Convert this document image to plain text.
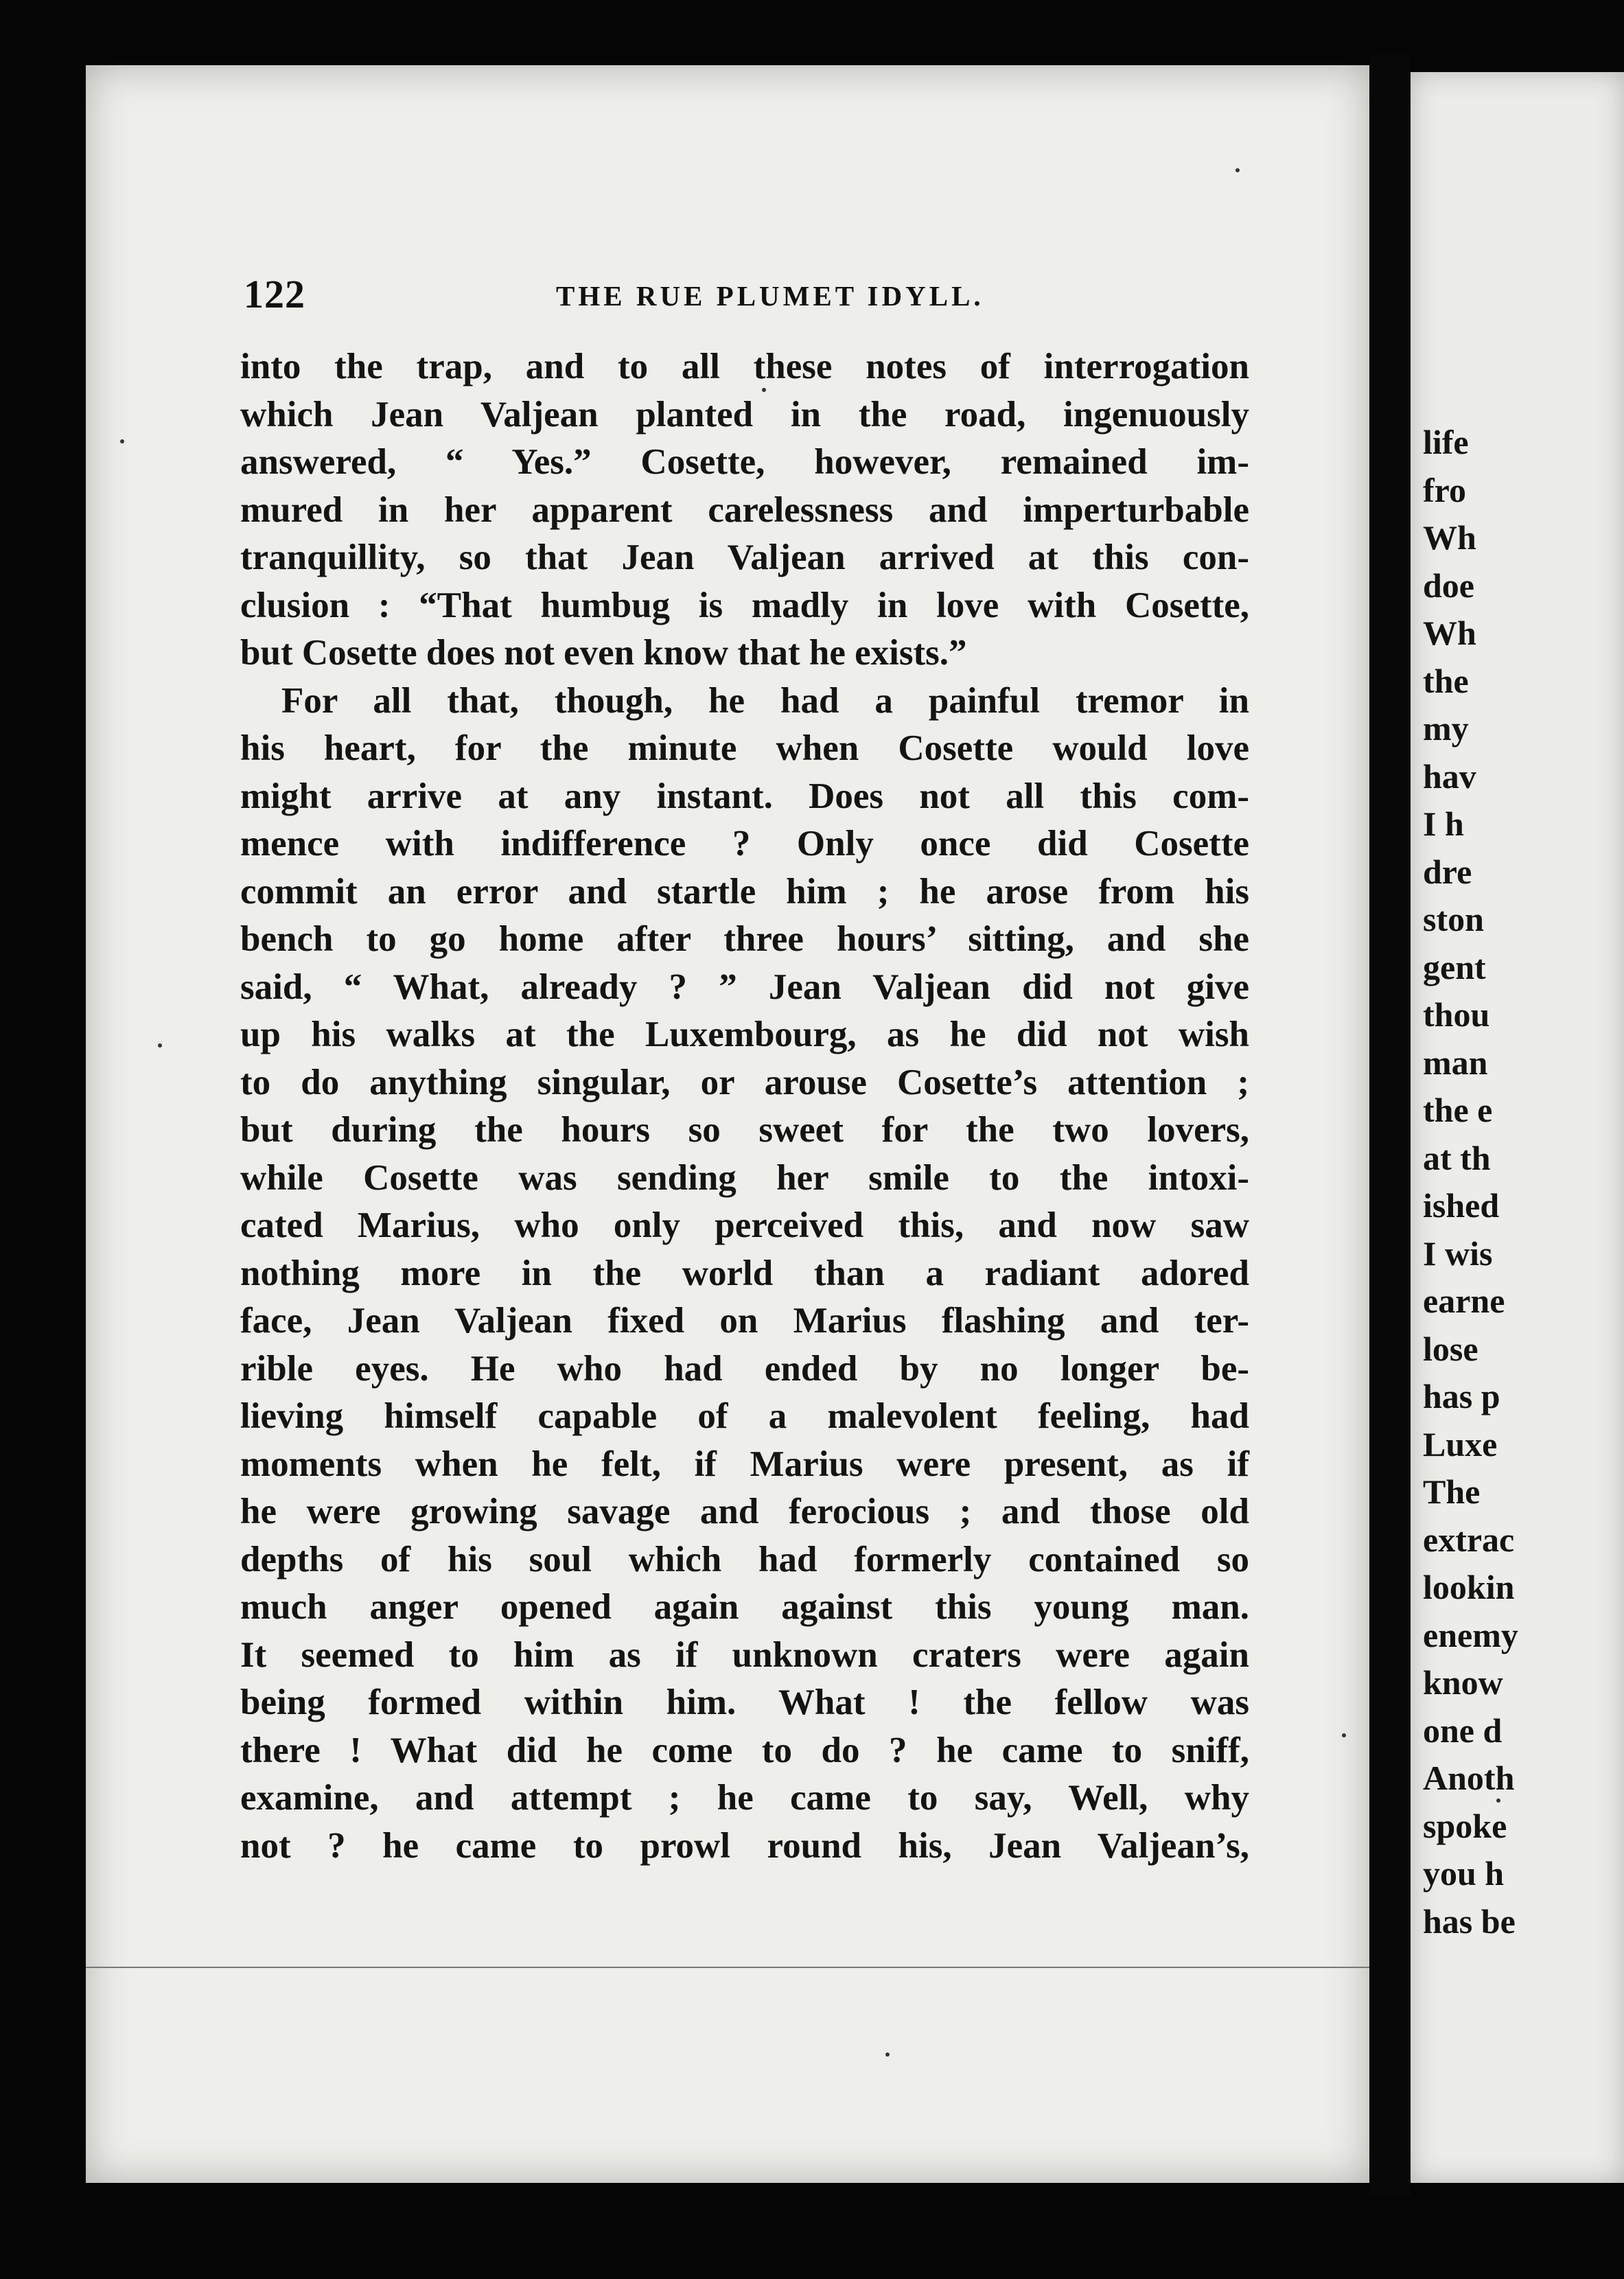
life
fro
Wh
doe
Wh
the
my
hav
I h
dre
ston
gent
thou
man
the e
at th
ished
I wis
earne
lose
has p
Luxe
The
extrac
lookin
enemy
know
one d
Anoth
spoke
you h
has be
122	THE RUE PLUMET IDYLL.
into the trap, and to all these notes of interrogation
which Jean Valjean planted in the road, ingenuously
answered, “ Yes.” Cosette, however, remained im-
mured in her apparent carelessness and imperturbable
tranquillity, so that Jean Valjean arrived at this con-
clusion : “That humbug is madly in love with Cosette,
but Cosette does not even know that he exists.”
For all that, though, he had a painful tremor in
his heart, for the minute when Cosette would love
might arrive at any instant. Does not all this com-
mence with indifference ? Only once did Cosette
commit an error and startle him ; he arose from his
bench to go home after three hours’ sitting, and she
said, “ What, already ? ” Jean Valjean did not give
up his walks at the Luxembourg, as he did not wish
to do anything singular, or arouse Cosette’s attention ;
but during the hours so sweet for the two lovers,
while Cosette was sending her smile to the intoxi-
cated Marius, who only perceived this, and now saw
nothing more in the world than a radiant adored
face, Jean Valjean fixed on Marius flashing and ter-
rible eyes. He who had ended by no longer be-
lieving himself capable of a malevolent feeling, had
moments when he felt, if Marius were present, as if
he were growing savage and ferocious ; and those old
depths of his soul which had formerly contained so
much anger opened again against this young man.
It seemed to him as if unknown craters were again
being formed within him. What ! the fellow was
there ! What did he come to do ? he came to sniff,
examine, and attempt ; he came to say, Well, why
not ? he came to prowl round his, Jean Valjean’s,
